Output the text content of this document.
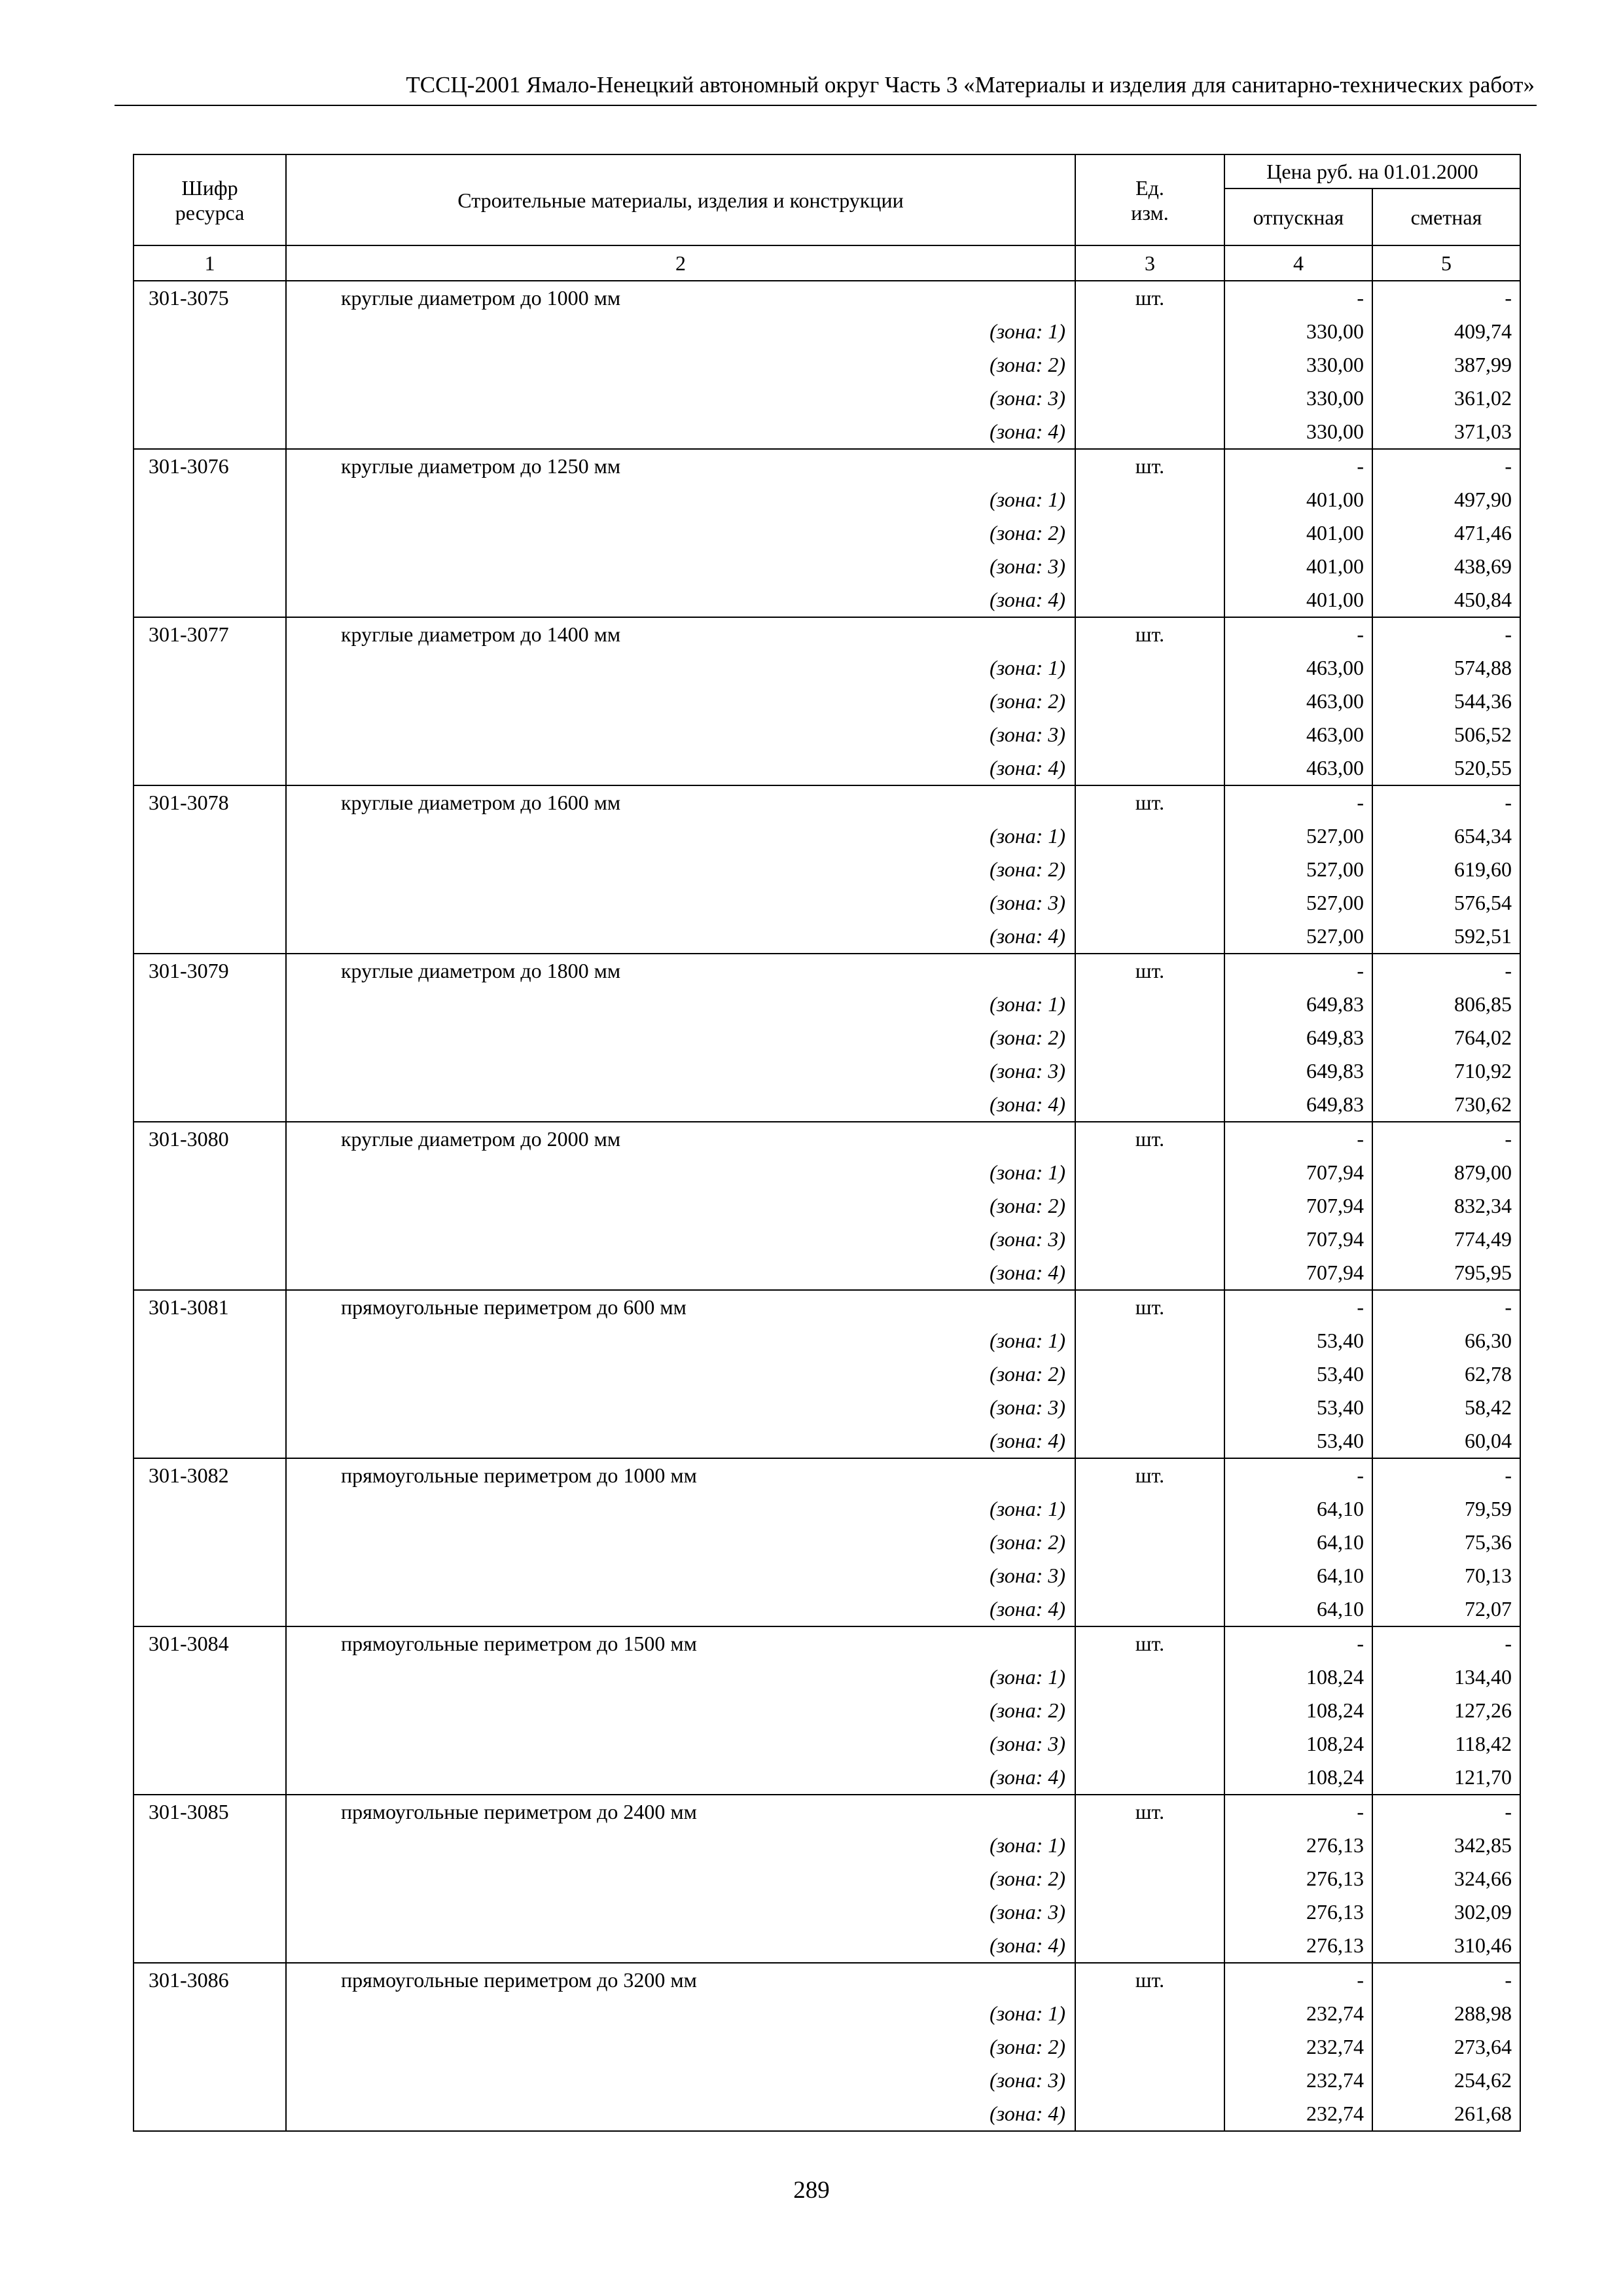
ТССЦ-2001 Ямало-Ненецкий автономный округ Часть 3 «Материалы и изделия для санитарно-технических работ»
Шифр ресурса	Строительные материалы, изделия и конструкции	Ед. изм.	Цена руб. на 01.01.2000	
			отпускная	сметная
1	2	3	4	5
301-3075	круглые диаметром до 1000 мм	шт.	-	-
	(зона: 1)		330,00	409,74
	(зона: 2)		330,00	387,99
	(зона: 3)		330,00	361,02
	(зона: 4)		330,00	371,03
301-3076	круглые диаметром до 1250 мм	шт.	-	-
	(зона: 1)		401,00	497,90
	(зона: 2)		401,00	471,46
	(зона: 3)		401,00	438,69
	(зона: 4)		401,00	450,84
301-3077	круглые диаметром до 1400 мм	шт.	-	-
	(зона: 1)		463,00	574,88
	(зона: 2)		463,00	544,36
	(зона: 3)		463,00	506,52
	(зона: 4)		463,00	520,55
301-3078	круглые диаметром до 1600 мм	шт.	-	-
	(зона: 1)		527,00	654,34
	(зона: 2)		527,00	619,60
	(зона: 3)		527,00	576,54
	(зона: 4)		527,00	592,51
301-3079	круглые диаметром до 1800 мм	шт.	-	-
	(зона: 1)		649,83	806,85
	(зона: 2)		649,83	764,02
	(зона: 3)		649,83	710,92
	(зона: 4)		649,83	730,62
301-3080	круглые диаметром до 2000 мм	шт.	-	-
	(зона: 1)		707,94	879,00
	(зона: 2)		707,94	832,34
	(зона: 3)		707,94	774,49
	(зона: 4)		707,94	795,95
301-3081	прямоугольные периметром до 600 мм	шт.	-	-
	(зона: 1)		53,40	66,30
	(зона: 2)		53,40	62,78
	(зона: 3)		53,40	58,42
	(зона: 4)		53,40	60,04
301-3082	прямоугольные периметром до 1000 мм	шт.	-	-
	(зона: 1)		64,10	79,59
	(зона: 2)		64,10	75,36
	(зона: 3)		64,10	70,13
	(зона: 4)		64,10	72,07
301-3084	прямоугольные периметром до 1500 мм	шт.	-	-
	(зона: 1)		108,24	134,40
	(зона: 2)		108,24	127,26
	(зона: 3)		108,24	118,42
	(зона: 4)		108,24	121,70
301-3085	прямоугольные периметром до 2400 мм	шт.	-	-
	(зона: 1)		276,13	342,85
	(зона: 2)		276,13	324,66
	(зона: 3)		276,13	302,09
	(зона: 4)		276,13	310,46
301-3086	прямоугольные периметром до 3200 мм	шт.	-	-
	(зона: 1)		232,74	288,98
	(зона: 2)		232,74	273,64
	(зона: 3)		232,74	254,62
	(зона: 4)		232,74	261,68
289
